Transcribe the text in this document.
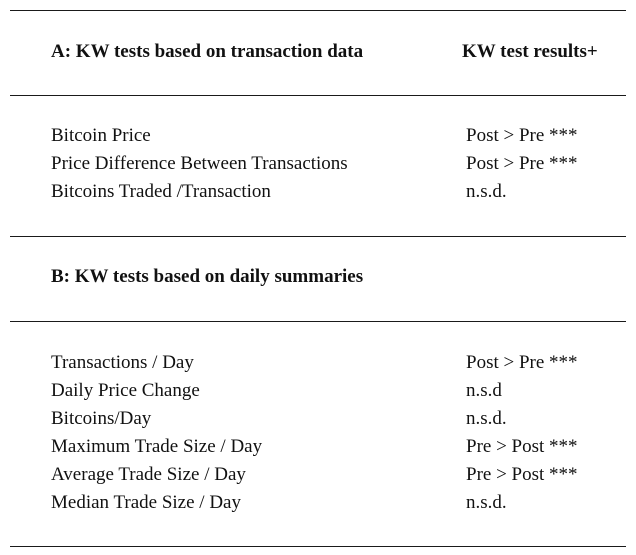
A: KW tests based on transaction data	KW test results+
Bitcoin Price	Post > Pre ***
Price Difference Between Transactions	Post > Pre ***
Bitcoins Traded /Transaction	n.s.d.
B: KW tests based on daily summaries
Transactions / Day	Post > Pre ***
Daily Price Change	n.s.d
Bitcoins/Day	n.s.d.
Maximum Trade Size / Day	Pre > Post ***
Average Trade Size / Day	Pre > Post ***
Median Trade Size / Day	n.s.d.
